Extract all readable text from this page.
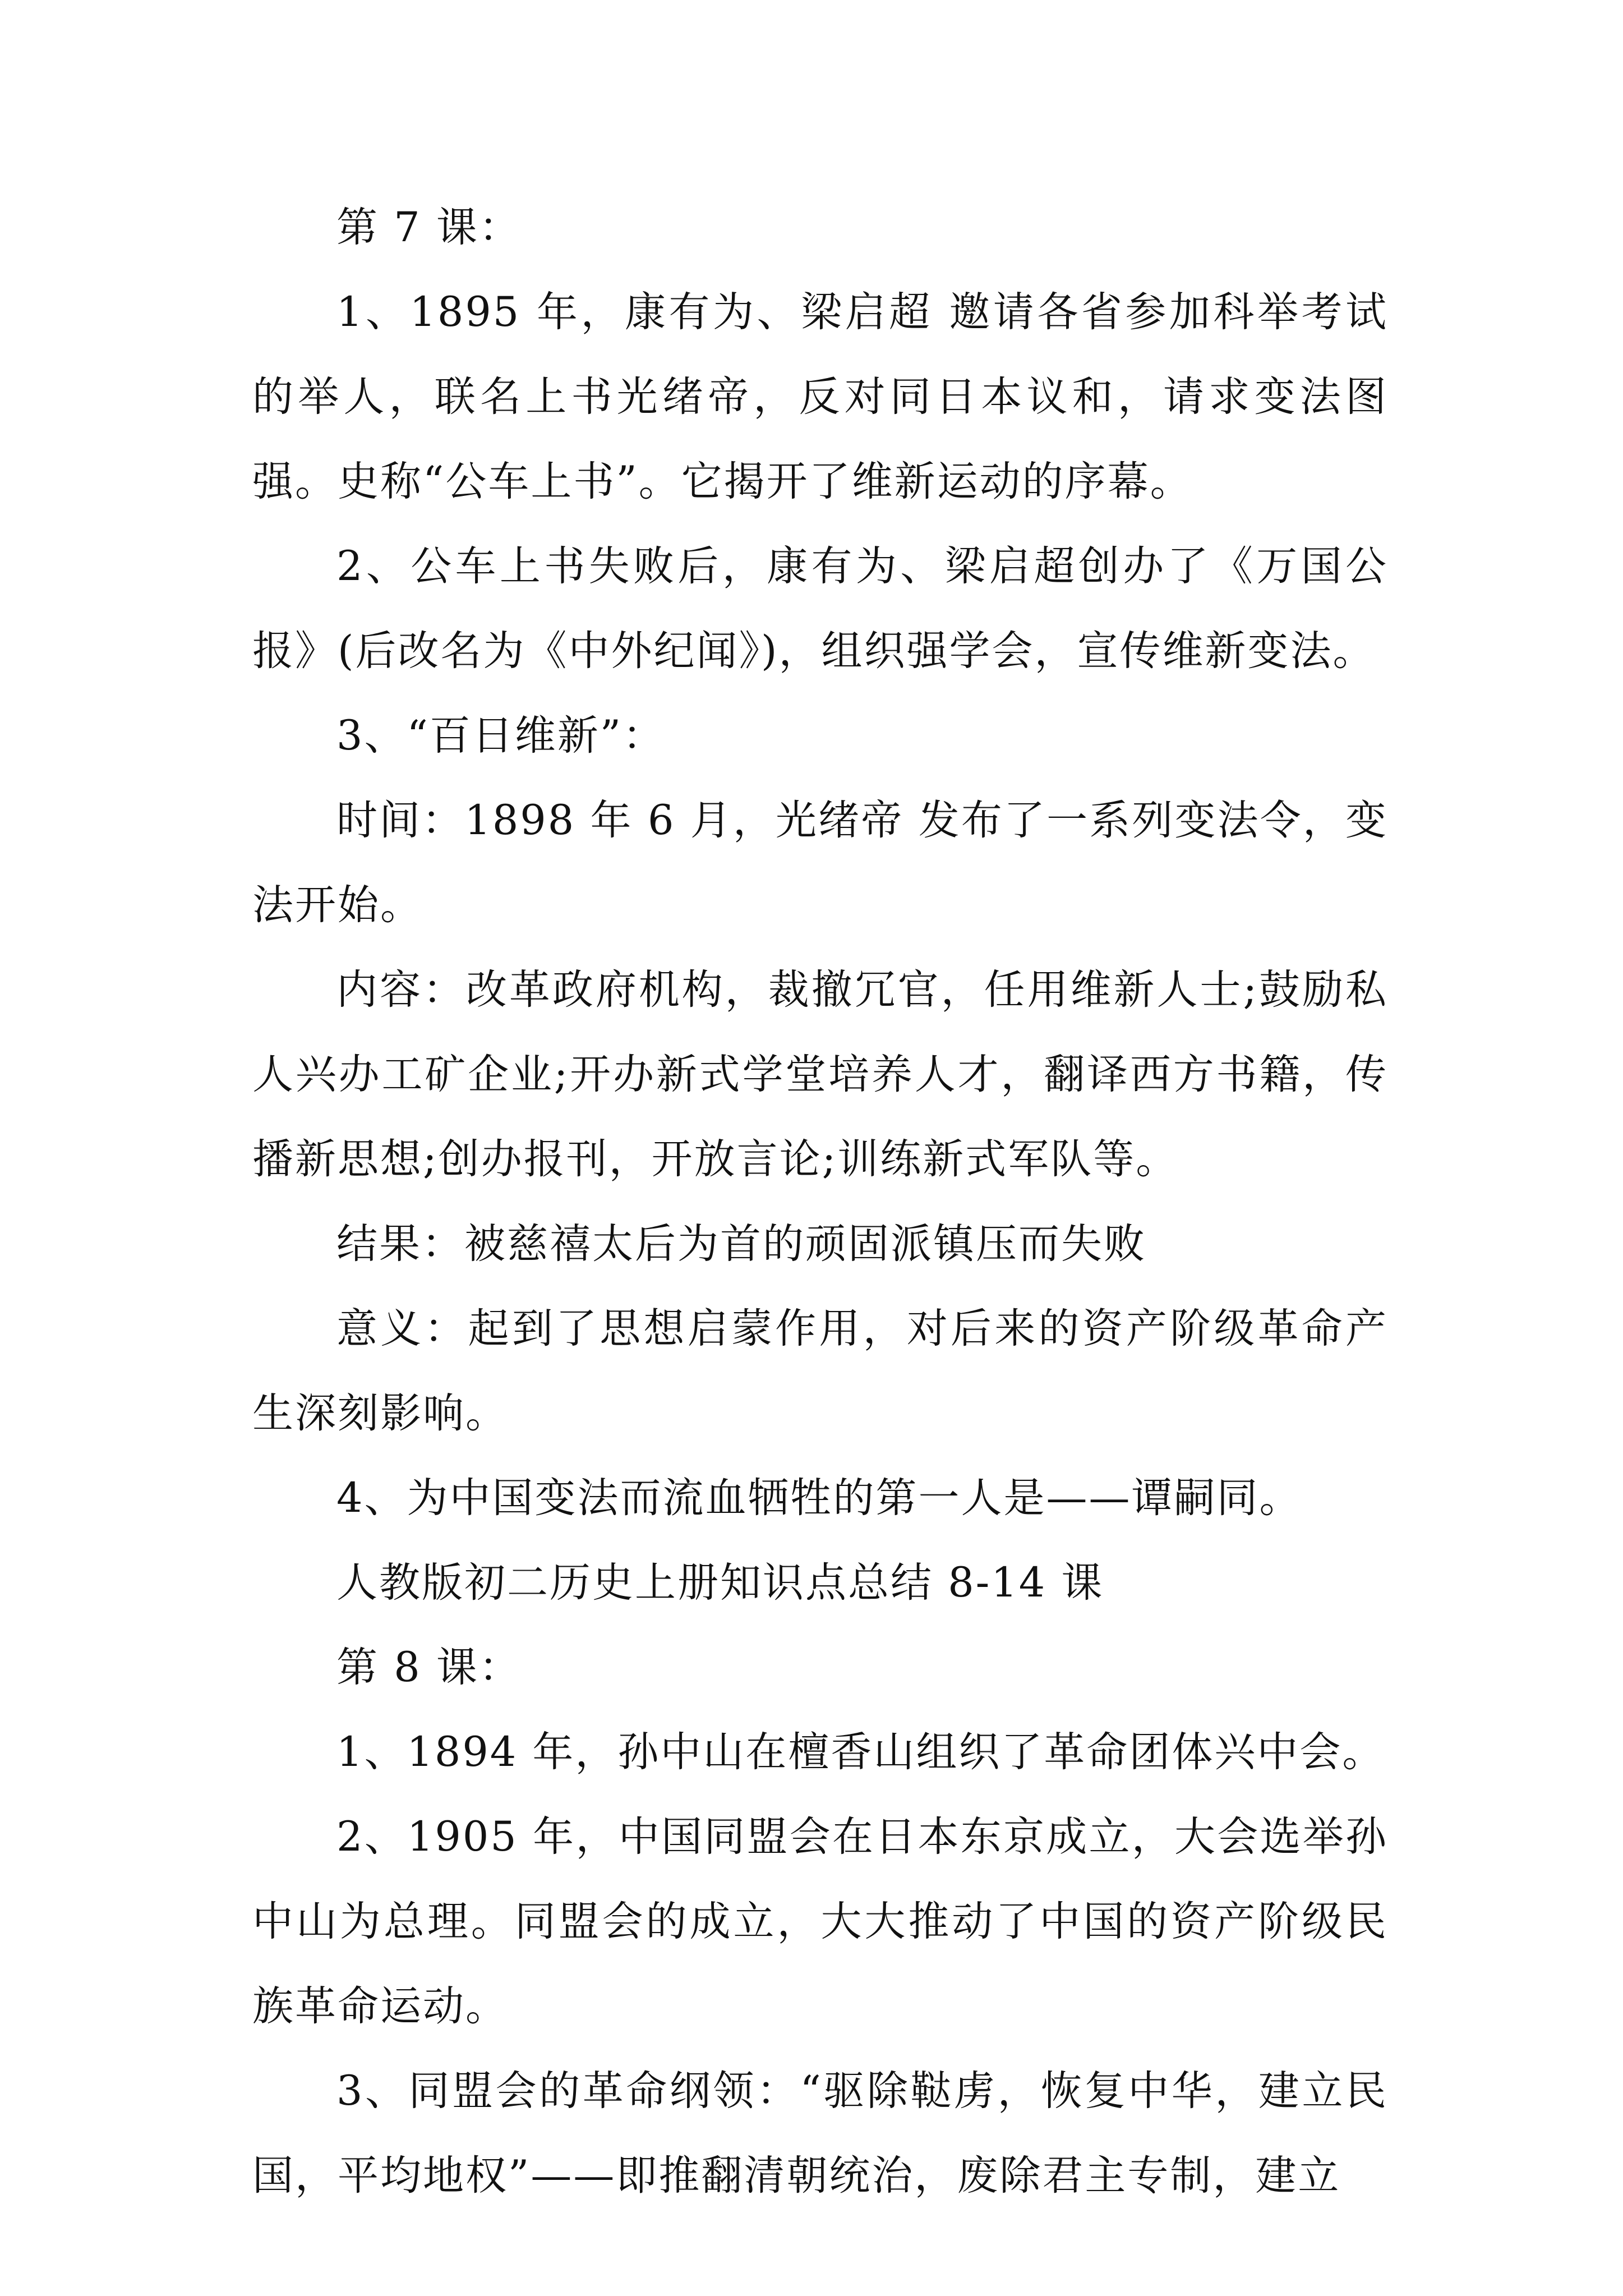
第 7 课：

1、1895 年，康有为、梁启超 邀请各省参加科举考试的举人，联名上书光绪帝，反对同日本议和，请求变法图强。史称“公车上书”。它揭开了维新运动的序幕。

2、公车上书失败后，康有为、梁启超创办了《万国公报》(后改名为《中外纪闻》)，组织强学会，宣传维新变法。

3、“百日维新”：

时间：1898 年 6 月，光绪帝 发布了一系列变法令，变法开始。

内容：改革政府机构，裁撤冗官，任用维新人士;鼓励私人兴办工矿企业;开办新式学堂培养人才，翻译西方书籍，传播新思想;创办报刊，开放言论;训练新式军队等。

结果：被慈禧太后为首的顽固派镇压而失败

意义：起到了思想启蒙作用，对后来的资产阶级革命产生深刻影响。

4、为中国变法而流血牺牲的第一人是——谭嗣同。

人教版初二历史上册知识点总结 8-14 课

第 8 课：

1、1894 年，孙中山在檀香山组织了革命团体兴中会。

2、1905 年，中国同盟会在日本东京成立，大会选举孙中山为总理。同盟会的成立，大大推动了中国的资产阶级民族革命运动。

3、同盟会的革命纲领：“驱除鞑虏，恢复中华，建立民国，平均地权”——即推翻清朝统治，废除君主专制，建立
